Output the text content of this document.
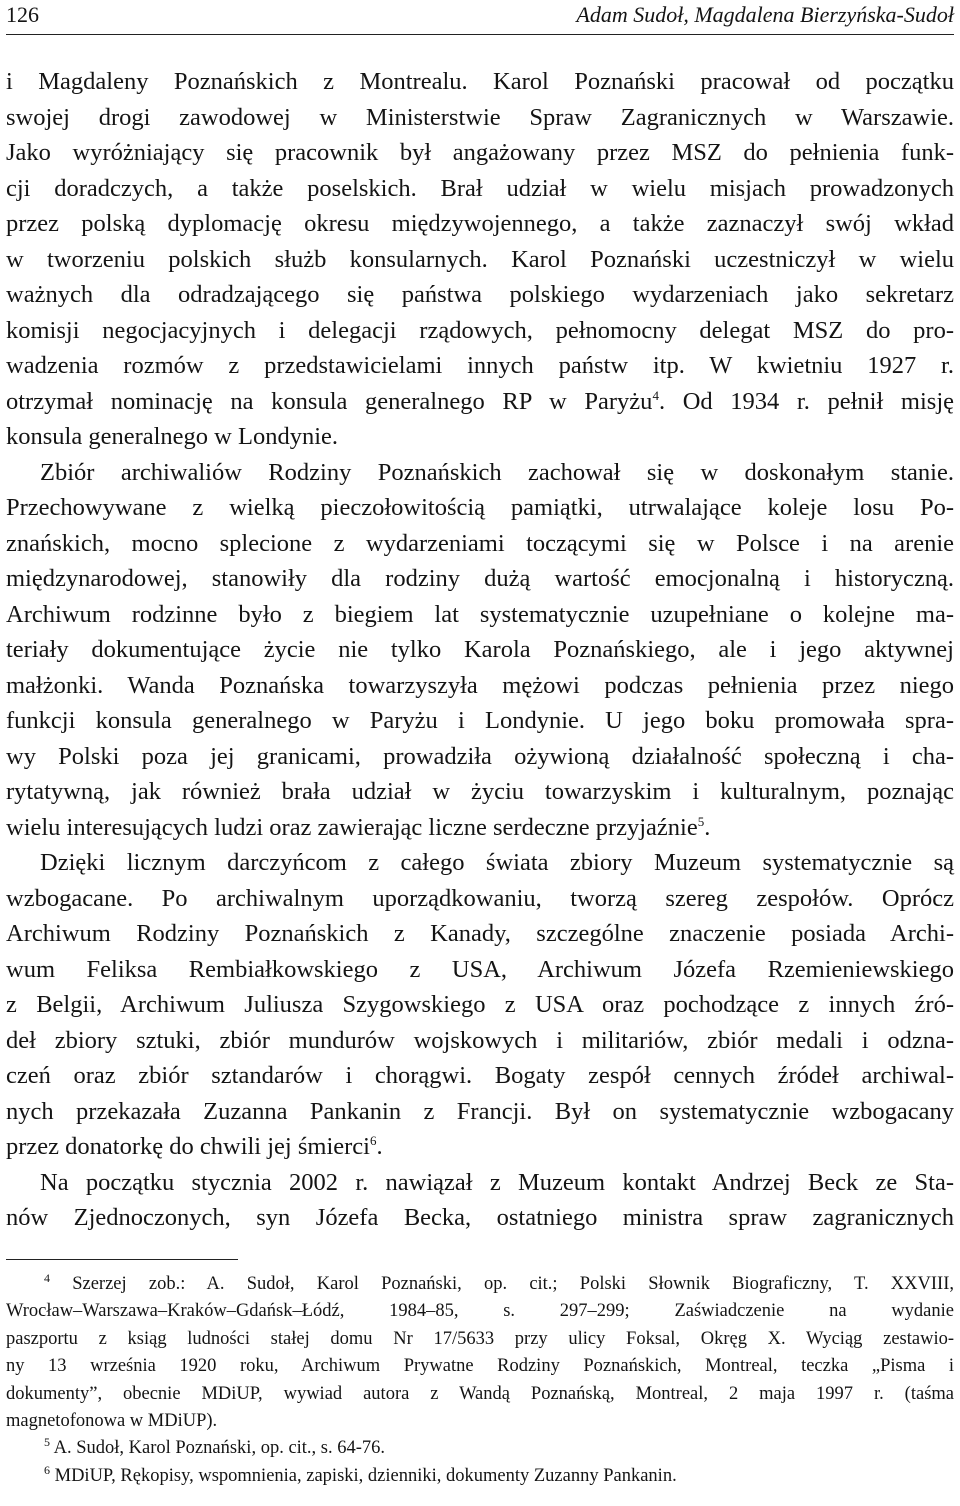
126	Adam Sudoł, Magdalena Bierzyńska-Sudoł
i Magdaleny Poznańskich z Montrealu. Karol Poznański pracował od początku
swojej drogi zawodowej w Ministerstwie Spraw Zagranicznych w Warszawie.
Jako wyróżniający się pracownik był angażowany przez MSZ do pełnienia funk-
cji doradczych, a także poselskich. Brał udział w wielu misjach prowadzonych
przez polską dyplomację okresu międzywojennego, a także zaznaczył swój wkład
w tworzeniu polskich służb konsularnych. Karol Poznański uczestniczył w wielu
ważnych dla odradzającego się państwa polskiego wydarzeniach jako sekretarz
komisji negocjacyjnych i delegacji rządowych, pełnomocny delegat MSZ do pro-
wadzenia rozmów z przedstawicielami innych państw itp. W kwietniu 1927 r.
otrzymał nominację na konsula generalnego RP w Paryżu$^4$. Od 1934 r. pełnił misję
konsula generalnego w Londynie.
Zbiór archiwaliów Rodziny Poznańskich zachował się w doskonałym stanie.
Przechowywane z wielką pieczołowitością pamiątki, utrwalające koleje losu Po-
znańskich, mocno splecione z wydarzeniami toczącymi się w Polsce i na arenie
międzynarodowej, stanowiły dla rodziny dużą wartość emocjonalną i historyczną.
Archiwum rodzinne było z biegiem lat systematycznie uzupełniane o kolejne ma-
teriały dokumentujące życie nie tylko Karola Poznańskiego, ale i jego aktywnej
małżonki. Wanda Poznańska towarzyszyła mężowi podczas pełnienia przez niego
funkcji konsula generalnego w Paryżu i Londynie. U jego boku promowała spra-
wy Polski poza jej granicami, prowadziła ożywioną działalność społeczną i cha-
rytatywną, jak również brała udział w życiu towarzyskim i kulturalnym, poznając
wielu interesujących ludzi oraz zawierając liczne serdeczne przyjaźnie$^5$.
Dzięki licznym darczyńcom z całego świata zbiory Muzeum systematycznie są
wzbogacane. Po archiwalnym uporządkowaniu, tworzą szereg zespołów. Oprócz
Archiwum Rodziny Poznańskich z Kanady, szczególne znaczenie posiada Archi-
wum Feliksa Rembiałkowskiego z USA, Archiwum Józefa Rzemieniewskiego
z Belgii, Archiwum Juliusza Szygowskiego z USA oraz pochodzące z innych źró-
deł zbiory sztuki, zbiór mundurów wojskowych i militariów, zbiór medali i odzna-
czeń oraz zbiór sztandarów i chorągwi. Bogaty zespół cennych źródeł archiwal-
nych przekazała Zuzanna Pankanin z Francji. Był on systematycznie wzbogacany
przez donatorkę do chwili jej śmierci$^6$.
Na początku stycznia 2002 r. nawiązał z Muzeum kontakt Andrzej Beck ze Sta-
nów Zjednoczonych, syn Józefa Becka, ostatniego ministra spraw zagranicznych
$^4$ Szerzej zob.: A. Sudoł, Karol Poznański, op. cit.; Polski Słownik Biograficzny, T. XXVIII,
Wrocław–Warszawa–Kraków–Gdańsk–Łódź, 1984–85, s. 297–299; Zaświadczenie na wydanie
paszportu z ksiąg ludności stałej domu Nr 17/5633 przy ulicy Foksal, Okręg X. Wyciąg zestawio-
ny 13 września 1920 roku, Archiwum Prywatne Rodziny Poznańskich, Montreal, teczka „Pisma i
dokumenty”, obecnie MDiUP, wywiad autora z Wandą Poznańską, Montreal, 2 maja 1997 r. (taśma
magnetofonowa w MDiUP).
$^5$ A. Sudoł, Karol Poznański, op. cit., s. 64-76.
$^6$ MDiUP, Rękopisy, wspomnienia, zapiski, dzienniki, dokumenty Zuzanny Pankanin.
